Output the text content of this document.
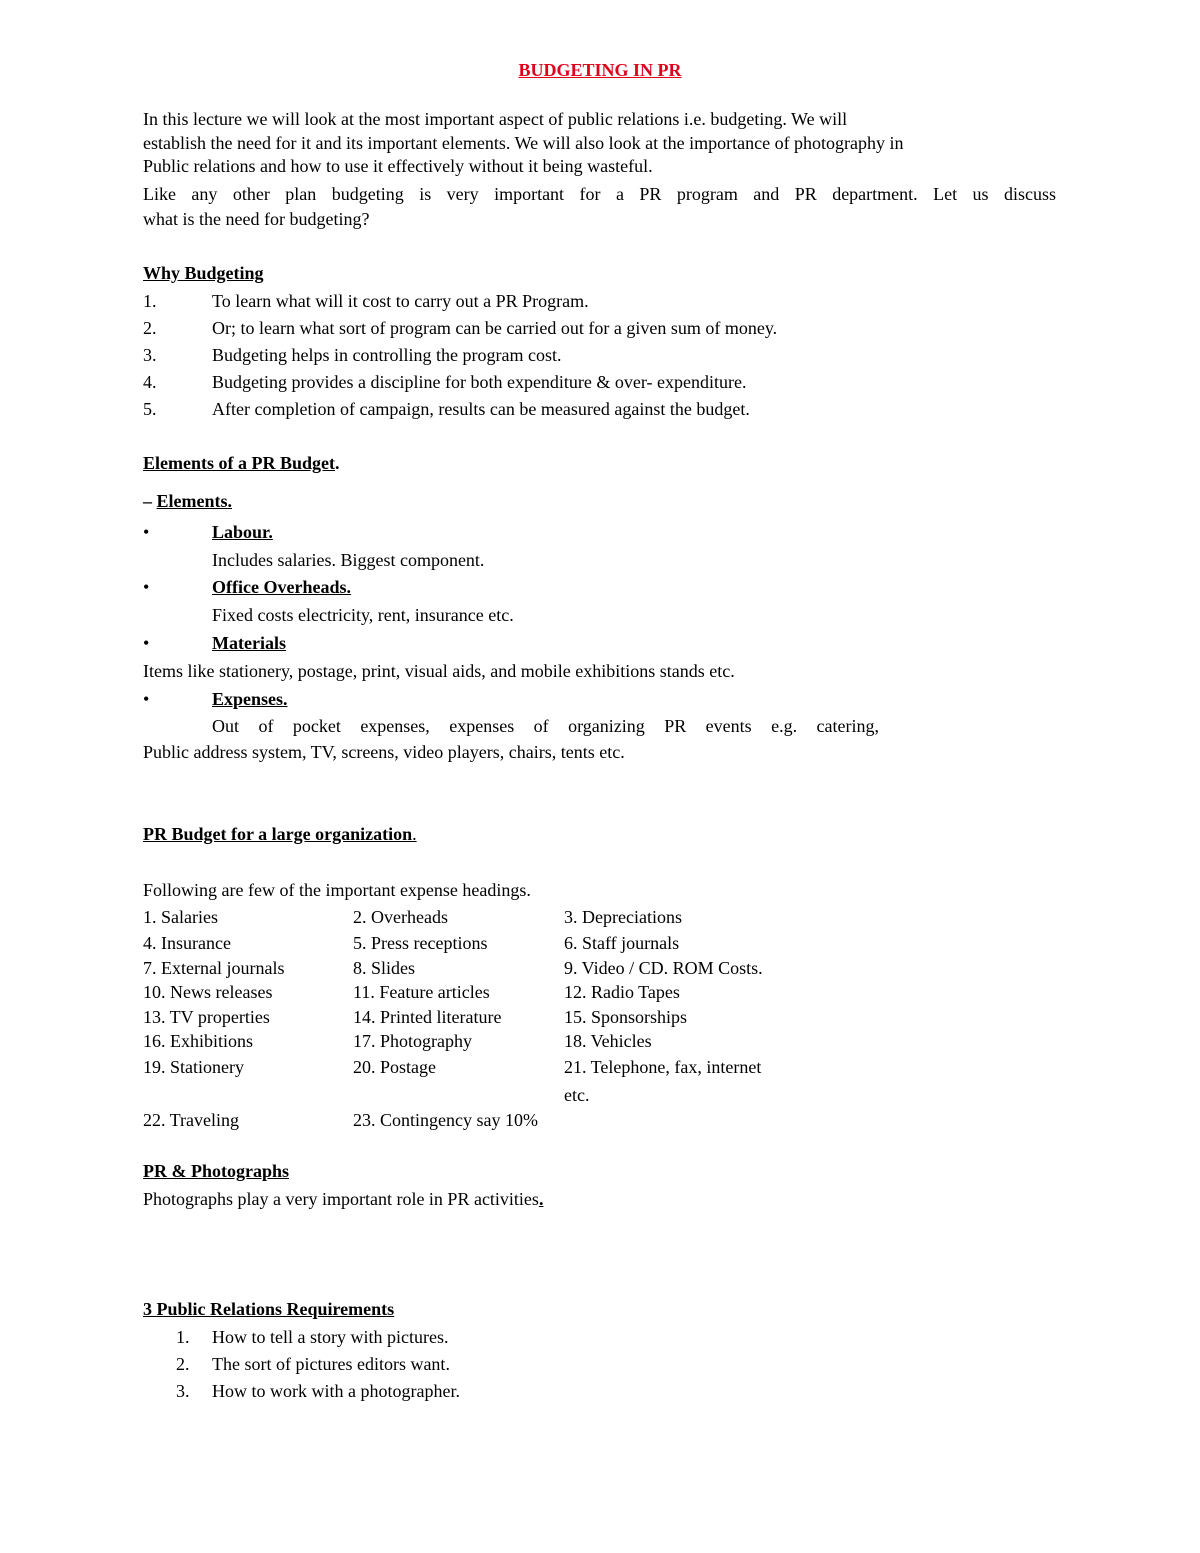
BUDGETING IN PR
In this lecture we will look at the most important aspect of public relations i.e. budgeting. We will
establish the need for it and its important elements. We will also look at the importance of photography in
Public relations and how to use it effectively without it being wasteful.
Like any other plan budgeting is very important for a PR program and PR department. Let us discuss
what is the need for budgeting?
Why Budgeting
1.	To learn what will it cost to carry out a PR Program.
2.	Or; to learn what sort of program can be carried out for a given sum of money.
3.	Budgeting helps in controlling the program cost.
4.	Budgeting provides a discipline for both expenditure & over- expenditure.
5.	After completion of campaign, results can be measured against the budget.
Elements of a PR Budget.
– Elements.
•	Labour.
Includes salaries. Biggest component.
•	Office Overheads.
Fixed costs electricity, rent, insurance etc.
•	Materials
Items like stationery, postage, print, visual aids, and mobile exhibitions stands etc.
•	Expenses.
Out of pocket expenses, expenses of organizing PR events e.g. catering,
Public address system, TV, screens, video players, chairs, tents etc.
PR Budget for a large organization.
Following are few of the important expense headings.
1. Salaries	2. Overheads	3. Depreciations
4. Insurance	5. Press receptions	6. Staff journals
7. External journals	8. Slides	9. Video / CD. ROM Costs.
10. News releases	11. Feature articles	12. Radio Tapes
13. TV properties	14. Printed literature	15. Sponsorships
16. Exhibitions	17. Photography	18. Vehicles
19. Stationery	20. Postage	21. Telephone, fax, internet
etc.
22. Traveling	23. Contingency say 10%
PR & Photographs
Photographs play a very important role in PR activities.
3 Public Relations Requirements
1. How to tell a story with pictures.
2. The sort of pictures editors want.
3. How to work with a photographer.
